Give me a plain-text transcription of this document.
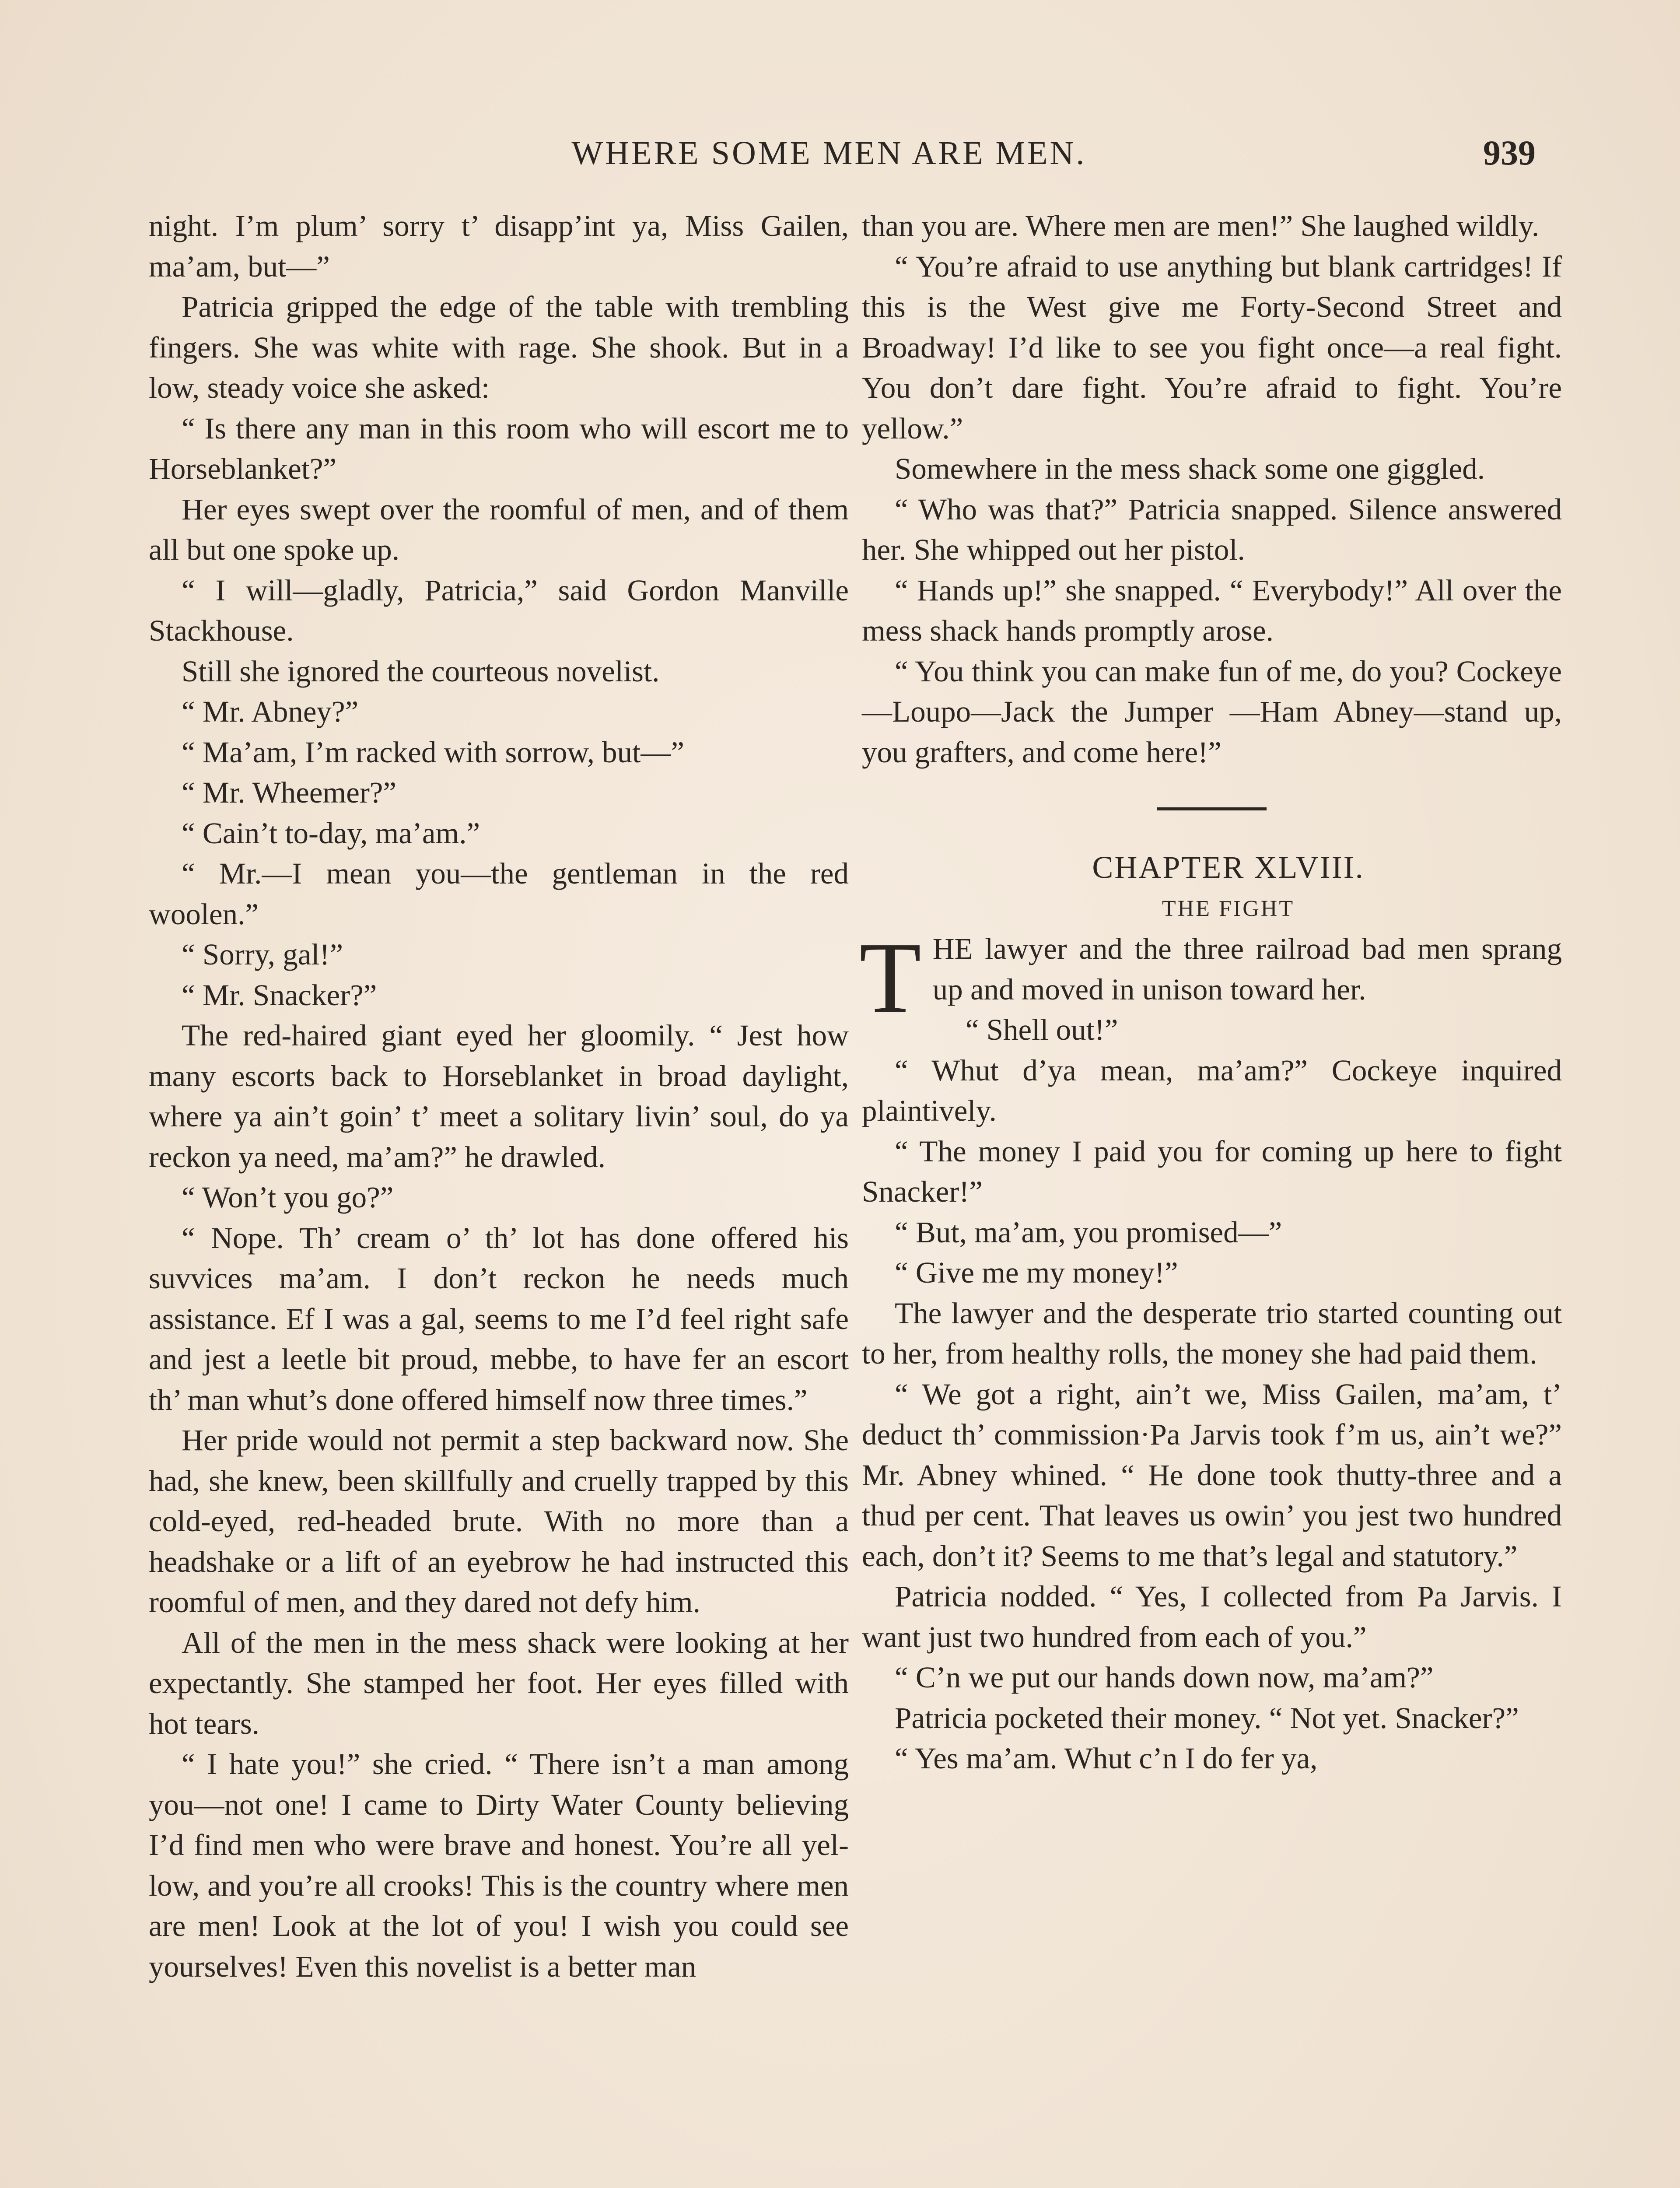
WHERE SOME MEN ARE MEN.	939

night. I’m plum’ sorry t’ disapp’int ya, Miss Gailen, ma’am, but—”

Patricia gripped the edge of the table with trembling fingers. She was white with rage. She shook. But in a low, steady voice she asked:

“ Is there any man in this room who will escort me to Horseblanket?”

Her eyes swept over the roomful of men, and of them all but one spoke up.

“ I will—gladly, Patricia,” said Gordon Manville Stackhouse.

Still she ignored the courteous novelist.

“ Mr. Abney?”

“ Ma’am, I’m racked with sorrow, but—”

“ Mr. Wheemer?”

“ Cain’t to-day, ma’am.”

“ Mr.—I mean you—the gentleman in the red woolen.”

“ Sorry, gal!”

“ Mr. Snacker?”

The red-haired giant eyed her gloomily. “ Jest how many escorts back to Horseblanket in broad daylight, where ya ain’t goin’ t’ meet a solitary livin’ soul, do ya reckon ya need, ma’am?” he drawled.

“ Won’t you go?”

“ Nope. Th’ cream o’ th’ lot has done offered his suvvices ma’am. I don’t reckon he needs much assistance. Ef I was a gal, seems to me I’d feel right safe and jest a leetle bit proud, mebbe, to have fer an escort th’ man whut’s done offered himself now three times.”

Her pride would not permit a step backward now. She had, she knew, been skillfully and cruelly trapped by this cold-eyed, red-headed brute. With no more than a headshake or a lift of an eyebrow he had instructed this roomful of men, and they dared not defy him.

All of the men in the mess shack were looking at her expectantly. She stamped her foot. Her eyes filled with hot tears.

“ I hate you!” she cried. “ There isn’t a man among you—not one! I came to Dirty Water County believing I’d find men who were brave and honest. You’re all yellow, and you’re all crooks! This is the country where men are men! Look at the lot of you! I wish you could see yourselves! Even this novelist is a better man

than you are. Where men are men!” She laughed wildly.

“ You’re afraid to use anything but blank cartridges! If this is the West give me Forty-Second Street and Broadway! I’d like to see you fight once—a real fight. You don’t dare fight. You’re afraid to fight. You’re yellow.”

Somewhere in the mess shack some one giggled.

“ Who was that?” Patricia snapped. Silence answered her. She whipped out her pistol.

“ Hands up!” she snapped. “ Everybody!” All over the mess shack hands promptly arose.

“ You think you can make fun of me, do you? Cockeye—Loupo—Jack the Jumper —Ham Abney—stand up, you grafters, and come here!”

CHAPTER XLVIII.

THE FIGHT

THE lawyer and the three railroad bad men sprang up and moved in unison toward her.

“ Shell out!”

“ Whut d’ya mean, ma’am?” Cockeye inquired plaintively.

“ The money I paid you for coming up here to fight Snacker!”

“ But, ma’am, you promised—”

“ Give me my money!”

The lawyer and the desperate trio started counting out to her, from healthy rolls, the money she had paid them.

“ We got a right, ain’t we, Miss Gailen, ma’am, t’ deduct th’ commission·Pa Jarvis took f’m us, ain’t we?” Mr. Abney whined. “ He done took thutty-three and a thud per cent. That leaves us owin’ you jest two hundred each, don’t it? Seems to me that’s legal and statutory.”

Patricia nodded. “ Yes, I collected from Pa Jarvis. I want just two hundred from each of you.”

“ C’n we put our hands down now, ma’am?”

Patricia pocketed their money. “ Not yet. Snacker?”

“ Yes ma’am. Whut c’n I do fer ya,
